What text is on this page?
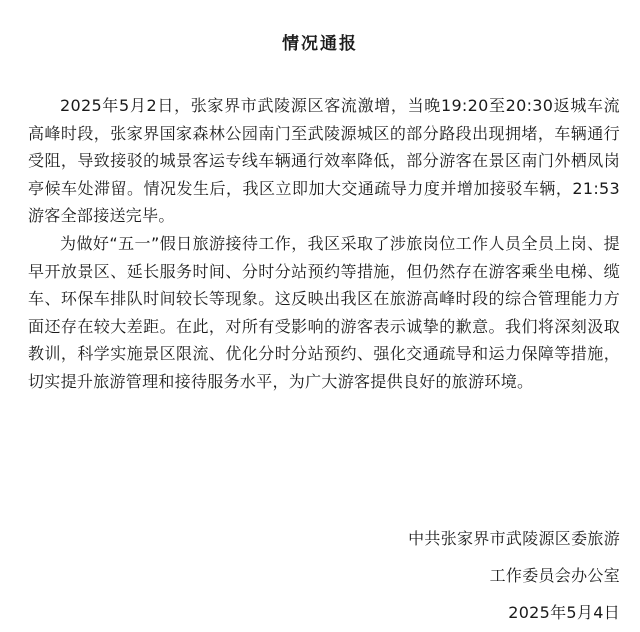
情况通报

2025年5月2日，张家界市武陵源区客流激增，当晚19:20至20:30返城车流高峰时段，张家界国家森林公园南门至武陵源城区的部分路段出现拥堵，车辆通行受阻，导致接驳的城景客运专线车辆通行效率降低，部分游客在景区南门外栖凤岗亭候车处滞留。情况发生后，我区立即加大交通疏导力度并增加接驳车辆，21:53游客全部接送完毕。

为做好“五一”假日旅游接待工作，我区采取了涉旅岗位工作人员全员上岗、提早开放景区、延长服务时间、分时分站预约等措施，但仍然存在游客乘坐电梯、缆车、环保车排队时间较长等现象。这反映出我区在旅游高峰时段的综合管理能力方面还存在较大差距。在此，对所有受影响的游客表示诚挚的歉意。我们将深刻汲取教训，科学实施景区限流、优化分时分站预约、强化交通疏导和运力保障等措施，切实提升旅游管理和接待服务水平，为广大游客提供良好的旅游环境。

中共张家界市武陵源区委旅游
工作委员会办公室
2025年5月4日
